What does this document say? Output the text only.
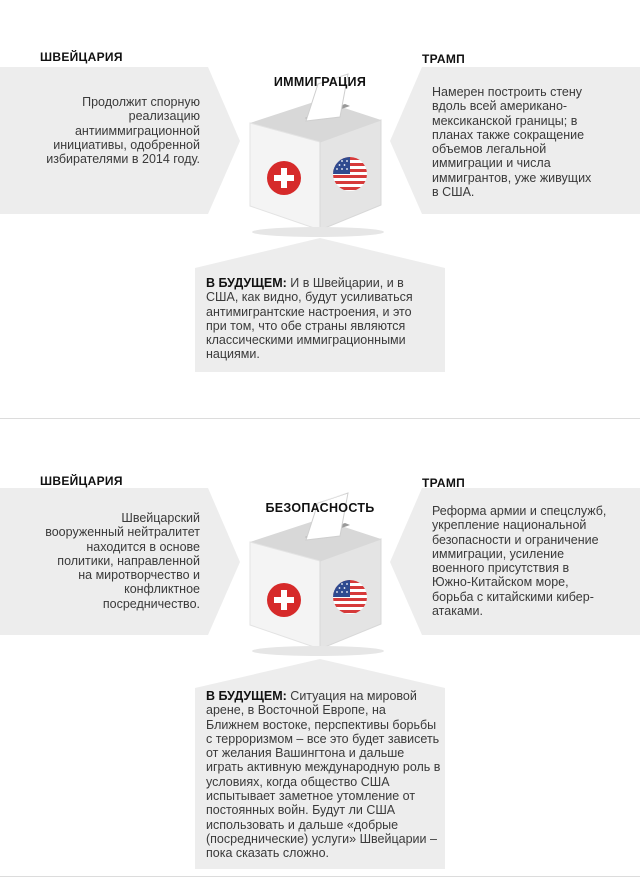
ШВЕЙЦАРИЯ	ТРАМП
ИММИГРАЦИЯ
Продолжит спорную реализацию антииммиграционной инициативы, одобренной избирателями в 2014 году.
Намерен построить стену вдоль всей американо-мексиканской границы; в планах также сокращение объемов легальной иммиграции и числа иммигрантов, уже живущих в США.
В БУДУЩЕМ: И в Швейцарии, и в США, как видно, будут усиливаться антимигрантские настроения, и это при том, что обе страны являются классическими иммиграционными нациями.
ШВЕЙЦАРИЯ	ТРАМП
БЕЗОПАСНОСТЬ
Швейцарский вооруженный нейтралитет находится в основе политики, направленной на миротворчество и конфликтное посредничество.
Реформа армии и спецслужб, укрепление национальной безопасности и ограничение иммиграции, усиление военного присутствия в Южно-Китайском море, борьба с китайскими кибер-атаками.
В БУДУЩЕМ: Ситуация на мировой арене, в Восточной Европе, на Ближнем востоке, перспективы борьбы с терроризмом – все это будет зависеть от желания Вашингтона и дальше играть активную международную роль в условиях, когда общество США испытывает заметное утомление от постоянных войн. Будут ли США использовать и дальше «добрые (посреднические) услуги» Швейцарии – пока сказать сложно.
